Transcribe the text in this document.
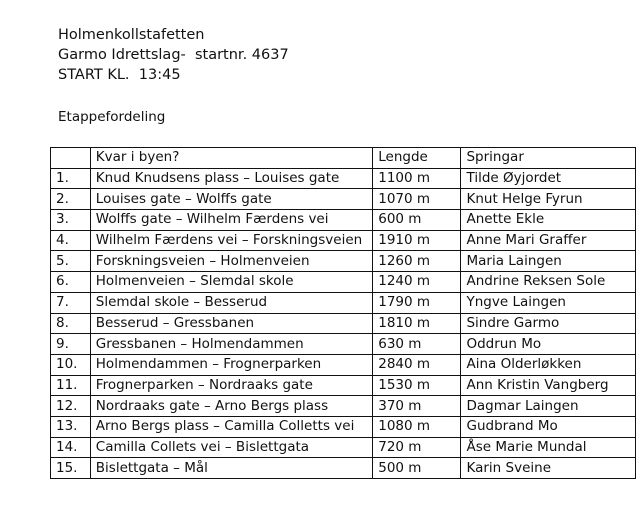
Holmenkollstafetten
Garmo Idrettslag-  startnr. 4637
START KL.  13:45
Etappefordeling
	Kvar i byen?	Lengde	Springar
1.	Knud Knudsens plass – Louises gate	1100 m	Tilde Øyjordet
2.	Louises gate – Wolffs gate	1070 m	Knut Helge Fyrun
3.	Wolffs gate – Wilhelm Færdens vei	600 m	Anette Ekle
4.	Wilhelm Færdens vei – Forskningsveien	1910 m	Anne Mari Graffer
5.	Forskningsveien – Holmenveien	1260 m	Maria Laingen
6.	Holmenveien – Slemdal skole	1240 m	Andrine Reksen Sole
7.	Slemdal skole – Besserud	1790 m	Yngve Laingen
8.	Besserud – Gressbanen	1810 m	Sindre Garmo
9.	Gressbanen – Holmendammen	630 m	Oddrun Mo
10.	Holmendammen – Frognerparken	2840 m	Aina Olderløkken
11.	Frognerparken – Nordraaks gate	1530 m	Ann Kristin Vangberg
12.	Nordraaks gate – Arno Bergs plass	370 m	Dagmar Laingen
13.	Arno Bergs plass – Camilla Colletts vei	1080 m	Gudbrand Mo
14.	Camilla Collets vei – Bislettgata	720 m	Åse Marie Mundal
15.	Bislettgata – Mål	500 m	Karin Sveine
